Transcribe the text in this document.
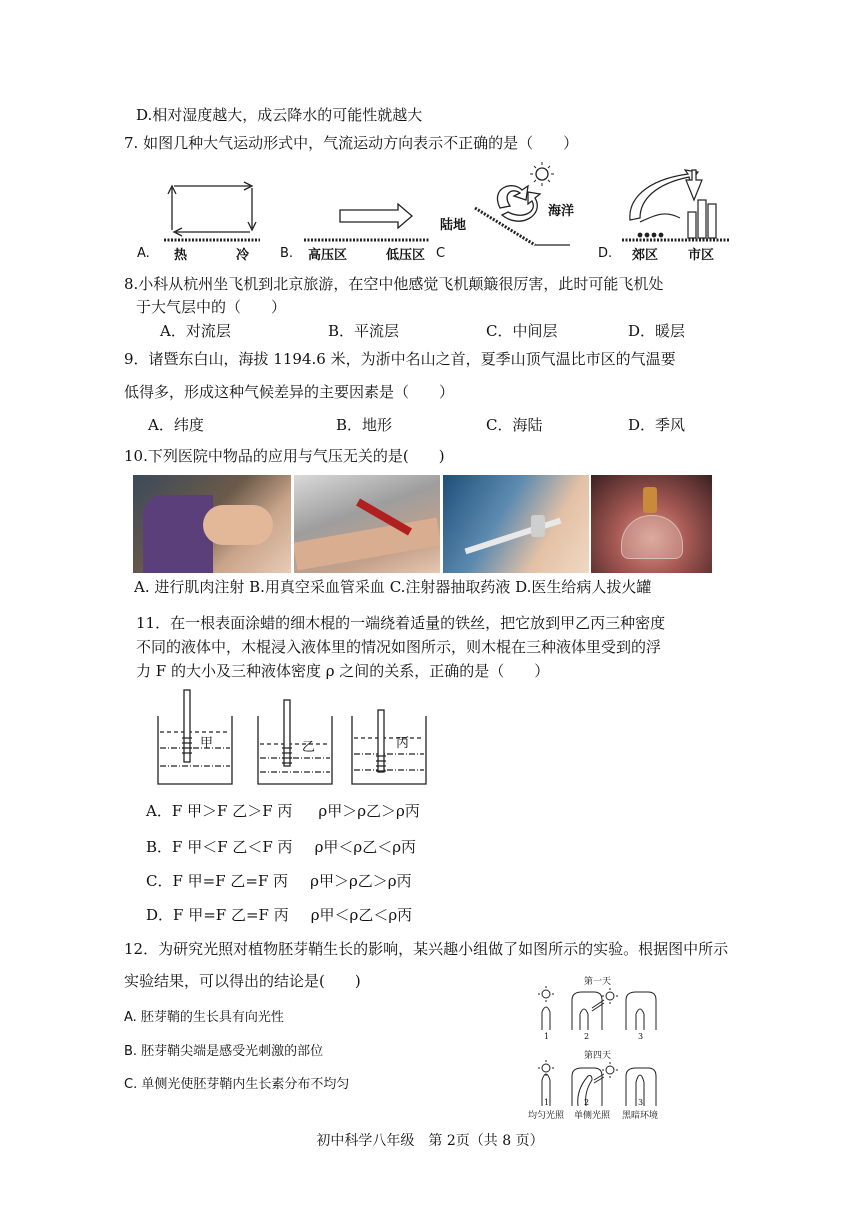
D.相对湿度越大，成云降水的可能性就越大
7. 如图几种大气运动形式中，气流运动方向表示不正确的是（　　）
A. 热	冷 B. 高压区	低压区 C
陆地
海洋
D. 郊区 市区
8.小科从杭州坐飞机到北京旅游，在空中他感觉飞机颠簸很厉害，此时可能飞机处
于大气层中的（　　）
A．对流层	B．平流层	C．中间层	D．暖层
9．诸暨东白山，海拔 1194.6 米，为浙中名山之首，夏季山顶气温比市区的气温要
低得多，形成这种气候差异的主要因素是（　　）
A．纬度	B．地形	C．海陆	D．季风
10.下列医院中物品的应用与气压无关的是(　　)
A. 进行肌肉注射 B.用真空采血管采血 C.注射器抽取药液 D.医生给病人拔火罐
11．在一根表面涂蜡的细木棍的一端绕着适量的铁丝，把它放到甲乙丙三种密度
不同的液体中，木棍浸入液体里的情况如图所示，则木棍在三种液体里受到的浮
力 F 的大小及三种液体密度 ρ 之间的关系，正确的是（　　）
甲	乙	丙
A．F 甲＞F 乙＞F 丙 ρ甲＞ρ乙＞ρ丙
B．F 甲＜F 乙＜F 丙 ρ甲＜ρ乙＜ρ丙
C．F 甲=F 乙=F 丙 ρ甲＞ρ乙＞ρ丙
D．F 甲=F 乙=F 丙 ρ甲＜ρ乙＜ρ丙
12．为研究光照对植物胚芽鞘生长的影响，某兴趣小组做了如图所示的实验。根据图中所示
实验结果，可以得出的结论是(　　)
A. 胚芽鞘的生长具有向光性
B. 胚芽鞘尖端是感受光刺激的部位
C. 单侧光使胚芽鞘内生长素分布不均匀
第一天
第四天
1	2	3
1	2	3
均匀光照 单侧光照 黑暗环境
初中科学八年级　第 2页（共 8 页）
